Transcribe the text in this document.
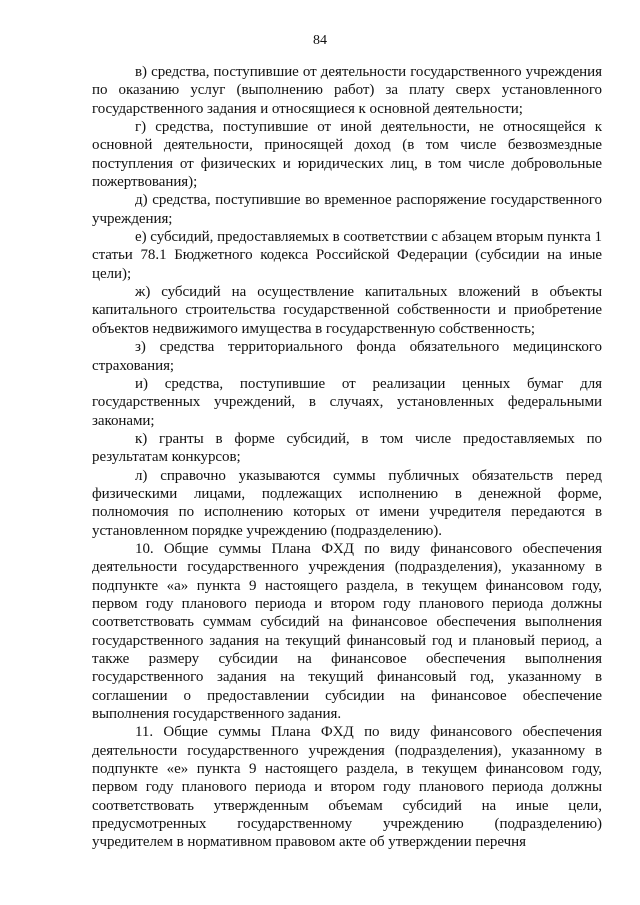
84

в) средства, поступившие от деятельности государственного учреждения по оказанию услуг (выполнению работ) за плату сверх установленного государственного задания и относящиеся к основной деятельности;

г) средства, поступившие от иной деятельности, не относящейся к основной деятельности, приносящей доход (в том числе безвозмездные поступления от физических и юридических лиц, в том числе добровольные пожертвования);

д) средства, поступившие во временное распоряжение государственного учреждения;

е) субсидий, предоставляемых в соответствии с абзацем вторым пункта 1 статьи 78.1 Бюджетного кодекса Российской Федерации (субсидии на иные цели);

ж) субсидий на осуществление капитальных вложений в объекты капитального строительства государственной собственности и приобретение объектов недвижимого имущества в государственную собственность;

з) средства территориального фонда обязательного медицинского страхования;

и) средства, поступившие от реализации ценных бумаг для государственных учреждений, в случаях, установленных федеральными законами;

к) гранты в форме субсидий, в том числе предоставляемых по результатам конкурсов;

л) справочно указываются суммы публичных обязательств перед физическими лицами, подлежащих исполнению в денежной форме, полномочия по исполнению которых от имени учредителя передаются в установленном порядке учреждению (подразделению).

10. Общие суммы Плана ФХД по виду финансового обеспечения деятельности государственного учреждения (подразделения), указанному в подпункте «а» пункта 9 настоящего раздела, в текущем финансовом году, первом году планового периода и втором году планового периода должны соответствовать суммам субсидий на финансовое обеспечения выполнения государственного задания на текущий финансовый год и плановый период, а также размеру субсидии на финансовое обеспечения выполнения государственного задания на текущий финансовый год, указанному в соглашении о предоставлении субсидии на финансовое обеспечение выполнения государственного задания.

11. Общие суммы Плана ФХД по виду финансового обеспечения деятельности государственного учреждения (подразделения), указанному в подпункте «е» пункта 9 настоящего раздела, в текущем финансовом году, первом году планового периода и втором году планового периода должны соответствовать утвержденным объемам субсидий на иные цели, предусмотренных государственному учреждению (подразделению) учредителем в нормативном правовом акте об утверждении перечня
